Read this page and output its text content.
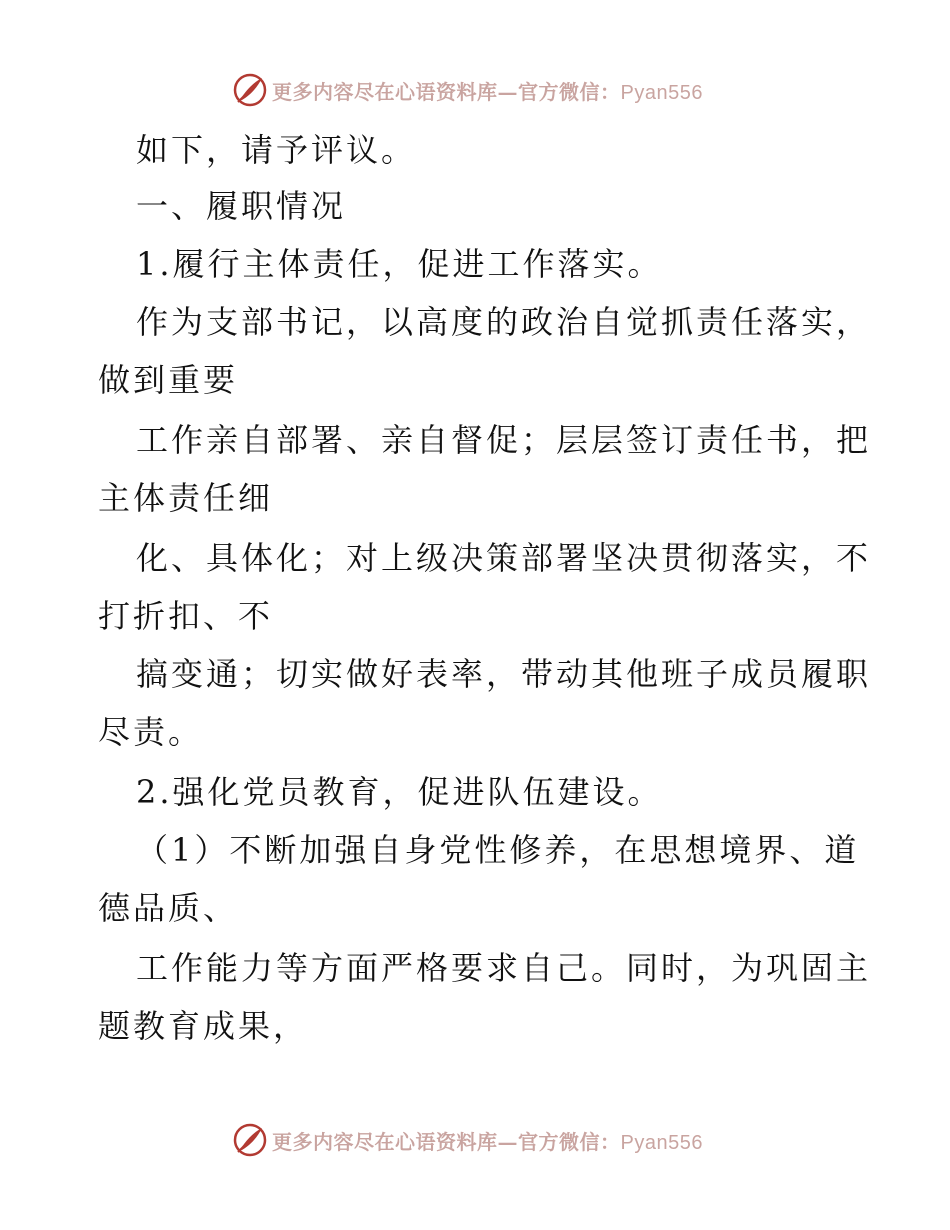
更多内容尽在心语资料库—官方微信：Pyan556
如下，请予评议。
一、履职情况
1.履行主体责任，促进工作落实。
作为支部书记，以高度的政治自觉抓责任落实，
做到重要
工作亲自部署、亲自督促；层层签订责任书，把
主体责任细
化、具体化；对上级决策部署坚决贯彻落实，不
打折扣、不
搞变通；切实做好表率，带动其他班子成员履职
尽责。
2.强化党员教育，促进队伍建设。
（1）不断加强自身党性修养，在思想境界、道
德品质、
工作能力等方面严格要求自己。同时，为巩固主
题教育成果，
更多内容尽在心语资料库—官方微信：Pyan556
